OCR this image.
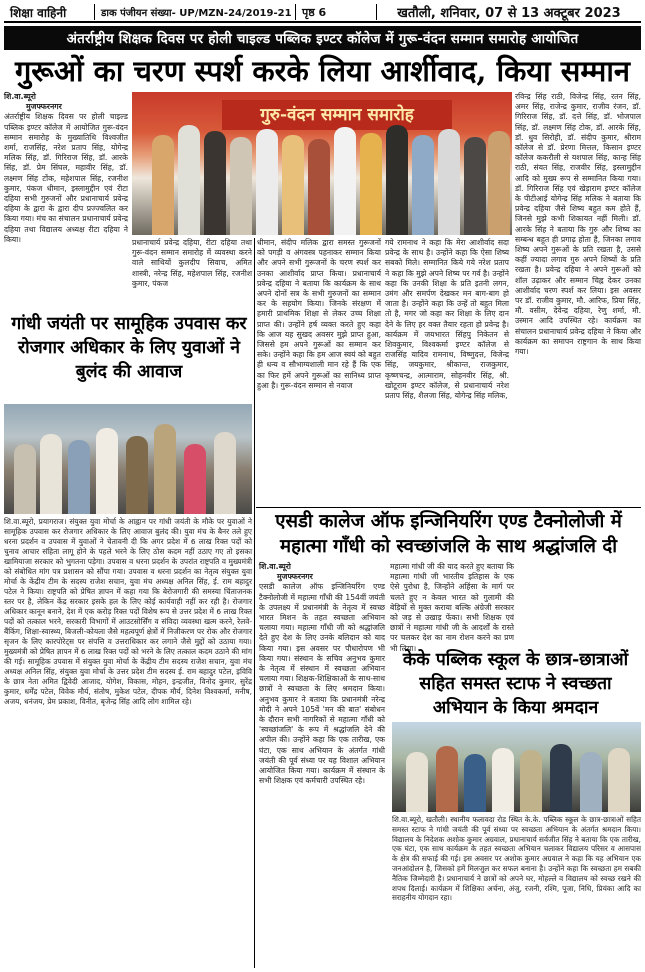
शिक्षा वाहिनी	डाक पंजीयन संख्या- UP/MZN-24/2019-21 पृष्ठ 6	खतौली, शनिवार, 07 से 13 अक्टूबर 2023
अंतर्राष्ट्रीय शिक्षक दिवस पर होली चाइल्ड पब्लिक इण्टर कॉलेज में गुरू-वंदन सम्मान समारोह आयोजित
गुरूओं का चरण स्पर्श करके लिया आर्शीवाद, किया सम्मान
शि.वा.ब्यूरो
मुजफ्फरनगर
अंतर्राष्ट्रीय शिक्षक दिवस पर होली चाइल्ड पब्लिक इण्टर कॉलेज में आयोजित गुरू-वंदन सम्मान समारोह के मुख्यातिथि विश्वजीत शर्मा, राजसिंह, नरेश प्रताप सिंह, योगेन्द्र मलिक सिंह, डॉ. गिरिराज सिंह, डॉ. आरके सिंह, डॉ. प्रेम सिंघल, महावीर सिंह, डॉ. लक्ष्मण सिंह टोंक, महेशपाल सिंह, रजनीश कुमार, पंकज धीमान, इस्लामुद्दीन एवं रीटा दहिया सभी गुरुजनों और प्रधानाचार्य प्रवेन्द्र दहिया के द्वारा के द्वारा दीप प्रज्ज्वलित कर किया गया। मंच का संचालन प्रधानाचार्य प्रवेन्द्र दहिया तथा विद्यालय अध्यक्ष रीटा दहिया ने किया।
गुरु-वंदन सम्मान समारोह
प्रधानाचार्य प्रवेन्द्र दहिया, रीटा दहिया तथा गुरू-वंदन सम्मान समारोह में व्यवस्था करने वाले साथियों कुलदीप सिवाच, अमित शास्त्री, नरेन्द्र सिंह, महेशपाल सिंह, रजनीश कुमार, पंकज
धीमान, संदीप मलिक द्वारा समस्त गुरूजनों को पगड़ी व अंगवस्त्र पहनाकर सम्मान किया और अपने सभी गुरूजनों के चरण स्पर्श कर उनका आशीर्वाद प्राप्त किया। प्रधानाचार्य प्रवेन्द्र दहिया ने बताया कि कार्यक्रम के साथ अपने दोनों सत्र के सभी गुरुजनों का सम्मान कर के सहयोग किया। जिनके संरक्षण में हमारी प्राथमिक शिक्षा से लेकर उच्च शिक्षा प्राप्त की। उन्होंने हर्ष व्यक्त करते हुए कहा कि आज यह सुखद अवसर मुझे प्राप्त हुआ, जिससे हम अपने गुरूओं का सम्मान कर सके। उन्होंने कहा कि हम आज स्वयं को बहुत ही धन्य व सौभाग्यशाली मान रहे हैं कि एक का फिर हमें अपने गुरूओं का सानिध्य प्राप्त हुआ है। गुरू-वंदन सम्मान से नवाज
गये रामनाथ ने कहा कि मेरा आशीर्वाद सदा प्रवेन्द्र के साथ है। उन्होंने कहा कि ऐसा शिष्य सबको मिले। सम्मानित किये गये नरेश प्रताप ने कहा कि मुझे अपने शिष्य पर गर्व है। उन्होंने कहा कि उनकी शिक्षा के प्रति इतनी लगन, उमंग और समर्पण देखकर मन बाग-बाग हो जाता है। उन्होंने कहा कि उन्हें तो बहुत मिला तो है, मगर जो कहा कर शिक्षा के लिए दान देने के लिए हर वक्त तैयार रहता हो प्रवेन्द्र है। कार्यक्रम में जयभारत सिंहपु निकेतन से शिवकुमार, विश्वकर्मा इण्टर कॉलेज से राजसिंह यादिव रामनाथ, विष्णुदत्त, विजेन्द्र सिंह, जयकुमार, श्रीकान्त, राजकुमार, कृष्णचन्द्र, आत्माराम, सोहनवीर सिंह, श्री. खोटूराम इण्टर कॉलेज, से प्रधानाचार्य नरेश प्रताप सिंह, शैलजा सिंह, योगेन्द्र सिंह मलिक,
रविन्द्र सिंह राठी, विजेन्द्र सिंह, रतन सिंह, अमर सिंह, राजेन्द्र कुमार, राजीव रंजन, डॉ. गिरिराज सिंह, डॉ. दत्ते सिंह, डॉ. भोजपाल सिंह, डॉ. लक्ष्मण सिंह टोक, डॉ. आरके सिंह, डॉ. धुव सिरोही, डॉ. संदीप कुमार, श्रीराम कॉलेज से डॉ. प्रेरणा मित्तल, किसान इण्टर कॉलेज ककरौली से यशपाल सिंह, कान्ह सिंह राठी, संयत सिंह, राजवीर सिंह, इस्लामुद्दीन आदि को मुख्य रूप से सम्मानित किया गया। डॉ. गिरिराज सिंह एवं खेड़ाराम इण्टर कॉलेज के पीटीआई योगेन्द्र सिंह मलिक ने बताया कि प्रवेन्द्र दहिया जैसे शिष्य बहुत कम होते हैं, जिनसे मुझे कभी शिकायत नहीं मिली। डॉ. आरके सिंह ने बताया कि गुरु और शिष्य का सम्बन्ध बहुत ही प्रगाढ़ होता है, जिनका लगाव शिष्य अपने गुरूओं के प्रति रखता है, उससे कहीं ज्यादा लगाव गुरु अपने शिष्यों के प्रति रखता है। प्रवेन्द्र दहिया ने अपने गुरूओं को शॉल उढ़ाकर और सम्मान चिह्न देकर उनका आशीर्वाद चरण स्पर्श कर लिया। इस अवसर पर डॉ. राजीव कुमार, मौ. आरिफ, प्रिया सिंह, मौ. वसीम, देवेन्द्र दहिया, रेणु शर्मा, मौ. उस्मान आदि उपस्थित रहे। कार्यक्रम का संचालन प्रधानाचार्य प्रवेन्द्र दहिया ने किया और कार्यक्रम का समापन राष्ट्रगान के साथ किया गया।
गांधी जयंती पर सामूहिक उपवास कर रोजगार अधिकार के लिए युवाओं ने बुलंद की आवाज
शि.वा.ब्यूरो, प्रयागराज। संयुक्त युवा मोर्चा के आह्वान पर गांधी जयंती के मौके पर युवाओं ने सामूहिक उपवास कर रोजगार अधिकार के लिए आवाज बुलंद की। युवा मंच के बैनर तले हुए धरना प्रदर्शन व उपवास में युवाओं ने चेतावनी दी कि अगर प्रदेश में 6 लाख रिक्त पदों को चुनाव आचार संहिता लागू होने के पहले भरने के लिए ठोस कदम नहीं उठाए गए तो इसका खामियाजा सरकार को भुगतना पड़ेगा। उपवास व धरना प्रदर्शन के उपरांत राष्ट्रपति व मुख्यमंत्री को संबोधित मांग पत्र प्रशासन को सौंपा गया। उपवास व धरना प्रदर्शन का नेतृत्व संयुक्त युवा मोर्चा के केंद्रीय टीम के सदस्य राजेश सचान, युवा मंच अध्यक्ष अनिल सिंह, ई. राम बहादुर पटेल ने किया। राष्ट्रपति को प्रेषित ज्ञापन में कहा गया कि बेरोजगारी की समस्या चिंताजनक स्तर पर है, लेकिन केंद्र सरकार इसके हल के लिए कोई कार्यवाही नहीं कर रही है। रोजगार अधिकार कानून बनाने, देश में एक करोड़ रिक्त पदों विशेष रूप से उत्तर प्रदेश में 6 लाख रिक्त पदों को तत्काल भरने, सरकारी विभागों में आउटसोर्सिंग व संविदा व्यवस्था खत्म करने, रेलवे-बैंकिंग, शिक्षा-स्वास्थ्य, बिजली-कोयला जैसे महत्वपूर्ण क्षेत्रों में निजीकरण पर रोक और रोजगार सृजन के लिए कारपोरेट्स पर संपत्ति व उत्तराधिकार कर लगाने जैसे मुद्दों को उठाया गया। मुख्यमंत्री को प्रेषित ज्ञापन में 6 लाख रिक्त पदों को भरने के लिए तत्काल कदम उठाने की मांग की गई। सामूहिक उपवास में संयुक्त युवा मोर्चा के केंद्रीय टीम सदस्य राजेश सचान, युवा मंच अध्यक्ष अनिल सिंह, संयुक्त युवा मोर्चा के उत्तर प्रदेश टीम सदस्य ई. राम बहादुर पटेल, इविवि के छात्र नेता अमित द्विवेदी आजाद, योगेश, विकास, मोहन, इन्द्रजीत, विनोद कुमार, सुरेंद्र कुमार, धर्मेंद्र पटेल, विवेक मौर्य, संतोष, मुकेश पटेल, दीपक मौर्य, दिनेश विश्वकर्मा, मनीष, अजय, धनंजय, प्रेम प्रकाश, विनीत, बृजेन्द्र सिंह आदि लोग शामिल रहे।
एसडी कालेज ऑफ इन्जिनियरिंग एण्ड टैक्नोलोजी में महात्मा गाँधी को स्वच्छांजलि के साथ श्रद्धांजलि दी
शि.वा.ब्यूरो
मुजफ्फरनगर
एसडी कालेज ऑफ इन्जिनियरिंग एण्ड टैक्नोलोजी में महात्मा गाँधी की 154वीं जयंती के उपलक्ष्य में प्रधानमंत्री के नेतृत्व में स्वच्छ भारत मिशन के तहत स्वच्छता अभियान चलाया गया। महात्मा गाँधी जी को श्रद्धांजलि देते हुए देश के लिए उनके बलिदान को याद किया गया। इस अवसर पर पौधारोपण भी किया गया। संस्थान के सचिव अनुभव कुमार के नेतृत्व में संस्थान में स्वच्छता अभियान चलाया गया। शिक्षक-शिक्षिकाओं के साथ-साथ छात्रों ने स्वच्छता के लिए श्रमदान किया। अनुभव कुमार ने बताया कि प्रधानमंत्री नरेन्द्र मोदी ने अपने 105वें 'मन की बात' संबोधन के दौरान सभी नागरिकों से महात्मा गाँधी को 'स्वच्छांजलि' के रूप में श्रद्धांजलि देने की अपील की। उन्होंने कहा कि एक तारीख, एक घंटा, एक साथ अभियान के अंतर्गत गांधी जयंती की पूर्व संध्या पर यह विशाल अभियान आयोजित किया गया। कार्यक्रम में संस्थान के सभी शिक्षक एवं कर्मचारी उपस्थित रहे।
महात्मा गांधी जी की याद करते हुए बताया कि महात्मा गांधी जी भारतीय इतिहास के एक ऐसे पुरोधा है, जिन्होंने अहिंसा के मार्ग पर चलते हुए न केवल भारत को गुलामी की बेड़ियों से मुक्त कराया बल्कि अंग्रेजी सरकार को जड़ से उखाड़ फेंका। सभी शिक्षक एवं छात्रों ने महात्मा गांधी जी के आदर्शों के रास्ते पर चलकर देश का नाम रोशन करने का प्रण भी लिया।
केके पब्लिक स्कूल के छात्र-छात्राओं सहित समस्त स्टाफ ने स्वच्छता अभियान के किया श्रमदान
शि.वा.ब्यूरो, खतौली। स्थानीय फलावदा रोड स्थित के.के. पब्लिक स्कूल के छात्र-छात्राओं सहित समस्त स्टाफ ने गांधी जयंती की पूर्व संध्या पर स्वच्छता अभियान के अंतर्गत श्रमदान किया। विद्यालय के निदेशक अशोक कुमार अग्रवाल, प्रधानाचार्य सर्वजीत सिंह ने बताया कि एक तारीख, एक घंटा, एक साथ कार्यक्रम के तहत स्वच्छता अभियान चलाकर विद्यालय परिसर व आसपास के क्षेत्र की सफाई की गई। इस अवसर पर अशोक कुमार अग्रवाल ने कहा कि यह अभियान एक जनआंदोलन है, जिसको हमें मिलजुल कर सफल बनाना है। उन्होंने कहा कि स्वच्छता हम सबकी नैतिक जिम्मेदारी है। प्रधानाचार्य ने छात्रों को अपने घर, मोहल्ले व विद्यालय को स्वच्छ रखने की शपथ दिलाई। कार्यक्रम में शिक्षिका अर्चना, अंजु, रजनी, रश्मि, पूजा, निधि, प्रियंका आदि का सराहनीय योगदान रहा।
